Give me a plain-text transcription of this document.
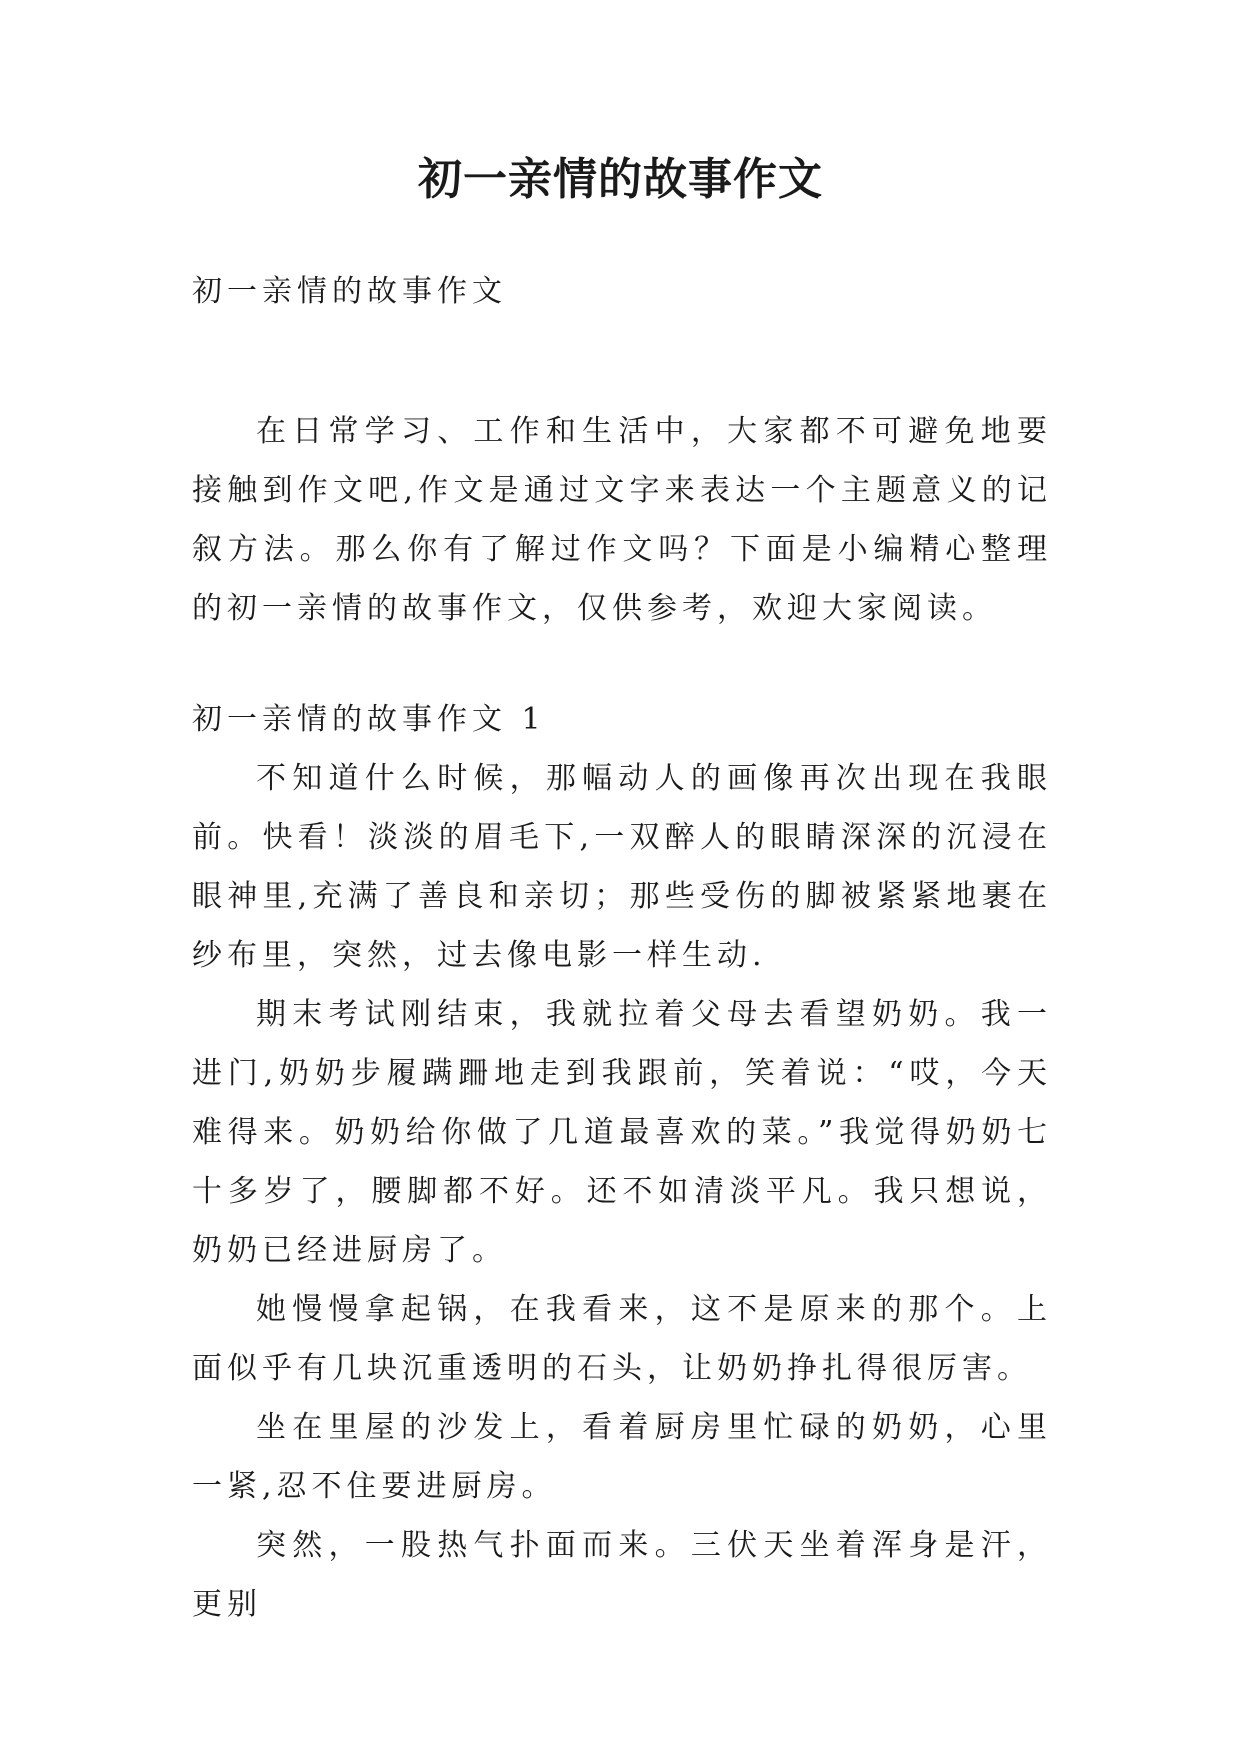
初一亲情的故事作文

初一亲情的故事作文

在日常学习、工作和生活中，大家都不可避免地要接触到作文吧,作文是通过文字来表达一个主题意义的记叙方法。那么你有了解过作文吗？下面是小编精心整理的初一亲情的故事作文，仅供参考，欢迎大家阅读。

初一亲情的故事作文 1

不知道什么时候，那幅动人的画像再次出现在我眼前。快看！淡淡的眉毛下,一双醉人的眼睛深深的沉浸在眼神里,充满了善良和亲切；那些受伤的脚被紧紧地裹在纱布里，突然，过去像电影一样生动.

期末考试刚结束，我就拉着父母去看望奶奶。我一进门,奶奶步履蹒跚地走到我跟前，笑着说：“哎，今天难得来。奶奶给你做了几道最喜欢的菜。”我觉得奶奶七十多岁了，腰脚都不好。还不如清淡平凡。我只想说，奶奶已经进厨房了。

她慢慢拿起锅，在我看来，这不是原来的那个。上面似乎有几块沉重透明的石头，让奶奶挣扎得很厉害。

坐在里屋的沙发上，看着厨房里忙碌的奶奶，心里一紧,忍不住要进厨房。

突然，一股热气扑面而来。三伏天坐着浑身是汗，更别
